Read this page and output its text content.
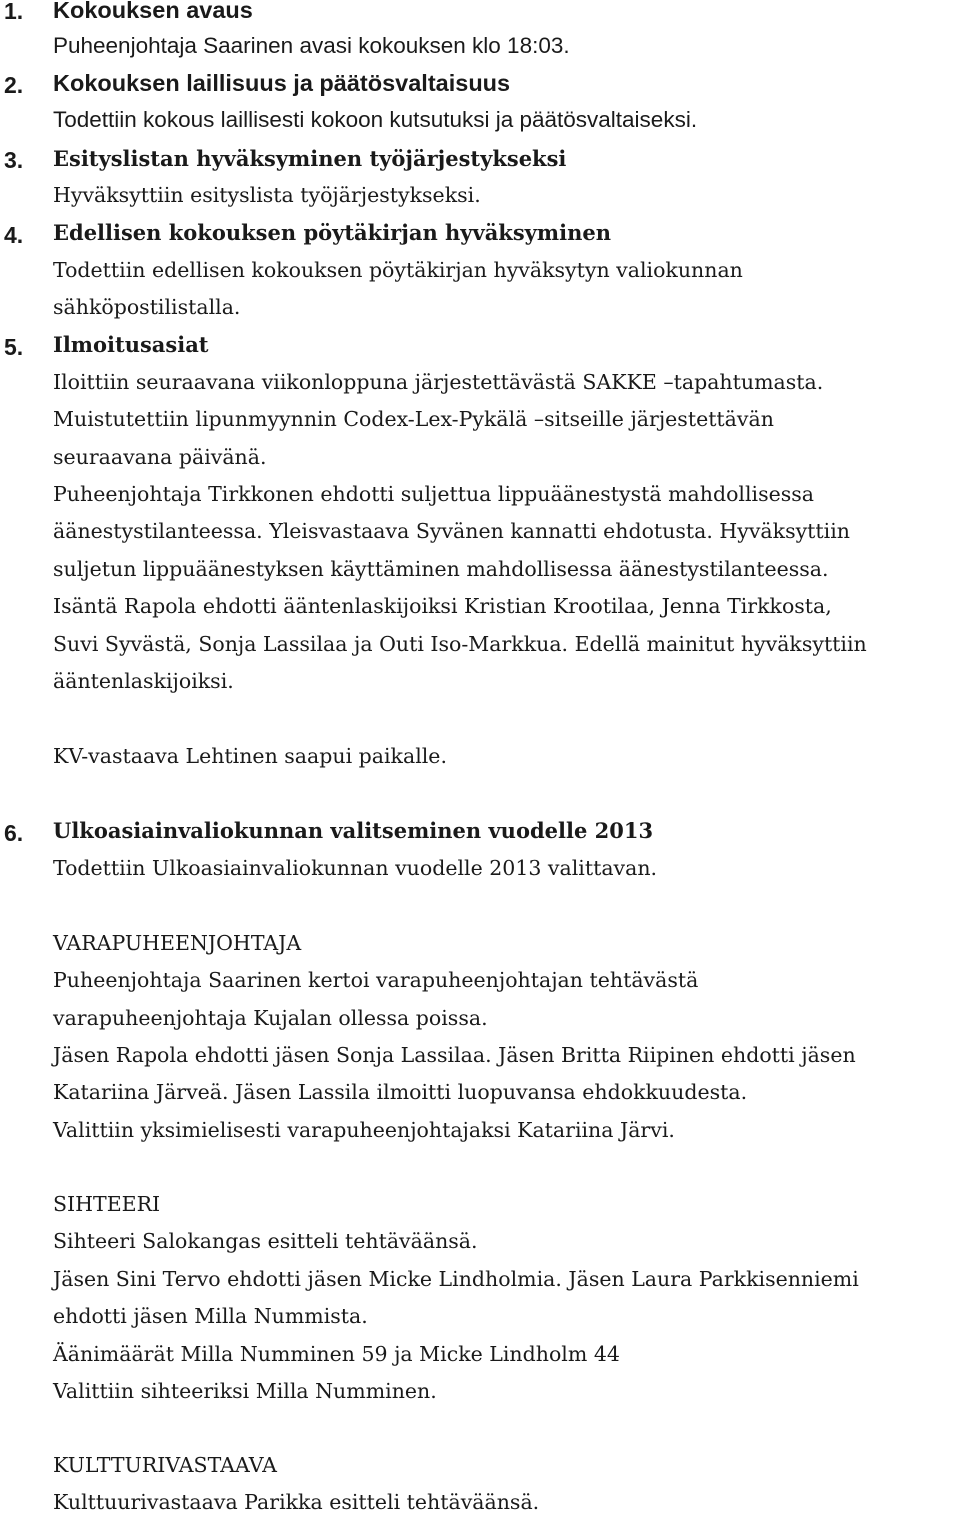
1.	Kokouksen avaus
Puheenjohtaja Saarinen avasi kokouksen klo 18:03.
2.	Kokouksen laillisuus ja päätösvaltaisuus
Todettiin kokous laillisesti kokoon kutsutuksi ja päätösvaltaiseksi.
3.	Esityslistan hyväksyminen työjärjestykseksi
Hyväksyttiin esityslista työjärjestykseksi.
4.	Edellisen kokouksen pöytäkirjan hyväksyminen
Todettiin edellisen kokouksen pöytäkirjan hyväksytyn valiokunnan
sähköpostilistalla.
5.	Ilmoitusasiat
Iloittiin seuraavana viikonloppuna järjestettävästä SAKKE –tapahtumasta.
Muistutettiin lipunmyynnin Codex-Lex-Pykälä –sitseille järjestettävän
seuraavana päivänä.
Puheenjohtaja Tirkkonen ehdotti suljettua lippuäänestystä mahdollisessa
äänestystilanteessa. Yleisvastaava Syvänen kannatti ehdotusta. Hyväksyttiin
suljetun lippuäänestyksen käyttäminen mahdollisessa äänestystilanteessa.
Isäntä Rapola ehdotti ääntenlaskijoiksi Kristian Krootilaa, Jenna Tirkkosta,
Suvi Syvästä, Sonja Lassilaa ja Outi Iso-Markkua. Edellä mainitut hyväksyttiin
ääntenlaskijoiksi.
KV-vastaava Lehtinen saapui paikalle.
6.	Ulkoasiainvaliokunnan valitseminen vuodelle 2013
Todettiin Ulkoasiainvaliokunnan vuodelle 2013 valittavan.
VARAPUHEENJOHTAJA
Puheenjohtaja Saarinen kertoi varapuheenjohtajan tehtävästä
varapuheenjohtaja Kujalan ollessa poissa.
Jäsen Rapola ehdotti jäsen Sonja Lassilaa. Jäsen Britta Riipinen ehdotti jäsen
Katariina Järveä. Jäsen Lassila ilmoitti luopuvansa ehdokkuudesta.
Valittiin yksimielisesti varapuheenjohtajaksi Katariina Järvi.
SIHTEERI
Sihteeri Salokangas esitteli tehtäväänsä.
Jäsen Sini Tervo ehdotti jäsen Micke Lindholmia. Jäsen Laura Parkkisenniemi
ehdotti jäsen Milla Nummista.
Äänimäärät Milla Numminen 59 ja Micke Lindholm 44
Valittiin sihteeriksi Milla Numminen.
KULTTURIVASTAAVA
Kulttuurivastaava Parikka esitteli tehtäväänsä.
